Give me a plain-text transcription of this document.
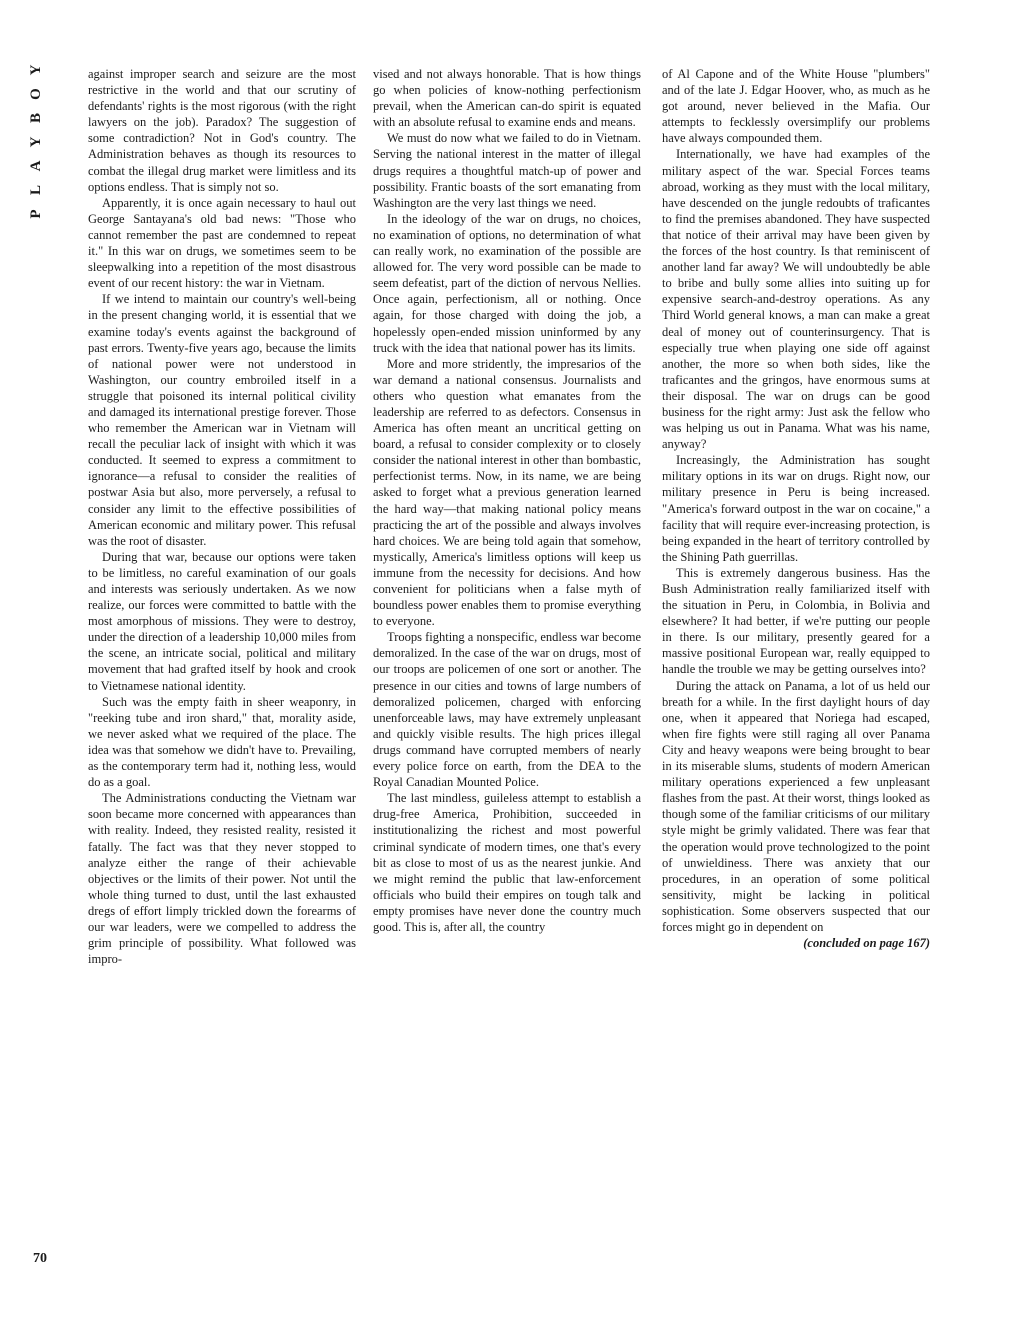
Y
O
B
Y
A
L
P

against improper search and seizure are the most restrictive in the world and that our scrutiny of defendants' rights is the most rigorous (with the right lawyers on the job). Paradox? The suggestion of some contradiction? Not in God's country. The Administration behaves as though its resources to combat the illegal drug market were limitless and its options endless. That is simply not so.

Apparently, it is once again necessary to haul out George Santayana's old bad news: "Those who cannot remember the past are condemned to repeat it." In this war on drugs, we sometimes seem to be sleepwalking into a repetition of the most disastrous event of our recent history: the war in Vietnam.

If we intend to maintain our country's well-being in the present changing world, it is essential that we examine today's events against the background of past errors. Twenty-five years ago, because the limits of national power were not understood in Washington, our country embroiled itself in a struggle that poisoned its internal political civility and damaged its international prestige forever. Those who remember the American war in Vietnam will recall the peculiar lack of insight with which it was conducted. It seemed to express a commitment to ignorance—a refusal to consider the realities of postwar Asia but also, more perversely, a refusal to consider any limit to the effective possibilities of American economic and military power. This refusal was the root of disaster.

During that war, because our options were taken to be limitless, no careful examination of our goals and interests was seriously undertaken. As we now realize, our forces were committed to battle with the most amorphous of missions. They were to destroy, under the direction of a leadership 10,000 miles from the scene, an intricate social, political and military movement that had grafted itself by hook and crook to Vietnamese national identity.

Such was the empty faith in sheer weaponry, in "reeking tube and iron shard," that, morality aside, we never asked what we required of the place. The idea was that somehow we didn't have to. Prevailing, as the contemporary term had it, nothing less, would do as a goal.

The Administrations conducting the Vietnam war soon became more concerned with appearances than with reality. Indeed, they resisted reality, resisted it fatally. The fact was that they never stopped to analyze either the range of their achievable objectives or the limits of their power. Not until the whole thing turned to dust, until the last exhausted dregs of effort limply trickled down the forearms of our war leaders, were we compelled to address the grim principle of possibility. What followed was impro-

vised and not always honorable. That is how things go when policies of know-nothing perfectionism prevail, when the American can-do spirit is equated with an absolute refusal to examine ends and means.

We must do now what we failed to do in Vietnam. Serving the national interest in the matter of illegal drugs requires a thoughtful match-up of power and possibility. Frantic boasts of the sort emanating from Washington are the very last things we need.

In the ideology of the war on drugs, no choices, no examination of options, no determination of what can really work, no examination of the possible are allowed for. The very word possible can be made to seem defeatist, part of the diction of nervous Nellies. Once again, perfectionism, all or nothing. Once again, for those charged with doing the job, a hopelessly open-ended mission uninformed by any truck with the idea that national power has its limits.

More and more stridently, the impresarios of the war demand a national consensus. Journalists and others who question what emanates from the leadership are referred to as defectors. Consensus in America has often meant an uncritical getting on board, a refusal to consider complexity or to closely consider the national interest in other than bombastic, perfectionist terms. Now, in its name, we are being asked to forget what a previous generation learned the hard way—that making national policy means practicing the art of the possible and always involves hard choices. We are being told again that somehow, mystically, America's limitless options will keep us immune from the necessity for decisions. And how convenient for politicians when a false myth of boundless power enables them to promise everything to everyone.

Troops fighting a nonspecific, endless war become demoralized. In the case of the war on drugs, most of our troops are policemen of one sort or another. The presence in our cities and towns of large numbers of demoralized policemen, charged with enforcing unenforceable laws, may have extremely unpleasant and quickly visible results. The high prices illegal drugs command have corrupted members of nearly every police force on earth, from the DEA to the Royal Canadian Mounted Police.

The last mindless, guileless attempt to establish a drug-free America, Prohibition, succeeded in institutionalizing the richest and most powerful criminal syndicate of modern times, one that's every bit as close to most of us as the nearest junkie. And we might remind the public that law-enforcement officials who build their empires on tough talk and empty promises have never done the country much good. This is, after all, the country

of Al Capone and of the White House "plumbers" and of the late J. Edgar Hoover, who, as much as he got around, never believed in the Mafia. Our attempts to fecklessly oversimplify our problems have always compounded them.

Internationally, we have had examples of the military aspect of the war. Special Forces teams abroad, working as they must with the local military, have descended on the jungle redoubts of traficantes to find the premises abandoned. They have suspected that notice of their arrival may have been given by the forces of the host country. Is that reminiscent of another land far away? We will undoubtedly be able to bribe and bully some allies into suiting up for expensive search-and-destroy operations. As any Third World general knows, a man can make a great deal of money out of counterinsurgency. That is especially true when playing one side off against another, the more so when both sides, like the traficantes and the gringos, have enormous sums at their disposal. The war on drugs can be good business for the right army: Just ask the fellow who was helping us out in Panama. What was his name, anyway?

Increasingly, the Administration has sought military options in its war on drugs. Right now, our military presence in Peru is being increased. "America's forward outpost in the war on cocaine," a facility that will require ever-increasing protection, is being expanded in the heart of territory controlled by the Shining Path guerrillas.

This is extremely dangerous business. Has the Bush Administration really familiarized itself with the situation in Peru, in Colombia, in Bolivia and elsewhere? It had better, if we're putting our people in there. Is our military, presently geared for a massive positional European war, really equipped to handle the trouble we may be getting ourselves into?

During the attack on Panama, a lot of us held our breath for a while. In the first daylight hours of day one, when it appeared that Noriega had escaped, when fire fights were still raging all over Panama City and heavy weapons were being brought to bear in its miserable slums, students of modern American military operations experienced a few unpleasant flashes from the past. At their worst, things looked as though some of the familiar criticisms of our military style might be grimly validated. There was fear that the operation would prove technologized to the point of unwieldiness. There was anxiety that our procedures, in an operation of some political sensitivity, might be lacking in political sophistication. Some observers suspected that our forces might go in dependent on

(concluded on page 167)

70
